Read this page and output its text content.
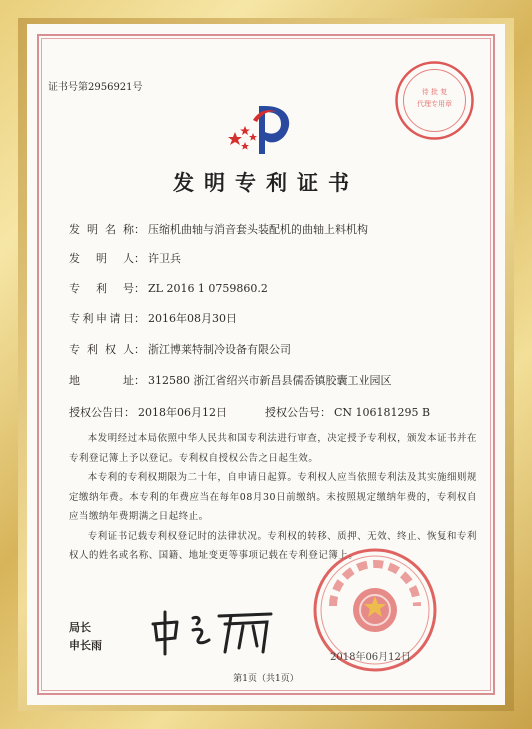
证书号第2956921号	待 批 复
代理专用章
发明专利证书
发明名称： 压缩机曲轴与消音套头装配机的曲轴上料机构
发明人： 许卫兵
专利号： ZL 2016 1 0759860.2
专利申请日： 2016年08月30日
专利权人： 浙江博莱特制冷设备有限公司
地址： 312580 浙江省绍兴市新昌县儒岙镇胶囊工业园区
授权公告日： 2018年06月12日	授权公告号： CN 106181295 B

本发明经过本局依照中华人民共和国专利法进行审查，决定授予专利权，颁发本证书并在专利登记簿上予以登记。专利权自授权公告之日起生效。

本专利的专利权期限为二十年，自申请日起算。专利权人应当依照专利法及其实施细则规定缴纳年费。本专利的年费应当在每年08月30日前缴纳。未按照规定缴纳年费的，专利权自应当缴纳年费期满之日起终止。

专利证书记载专利权登记时的法律状况。专利权的转移、质押、无效、终止、恢复和专利权人的姓名或名称、国籍、地址变更等事项记载在专利登记簿上。

2018年06月12日
局长
申长雨
第1页（共1页）
